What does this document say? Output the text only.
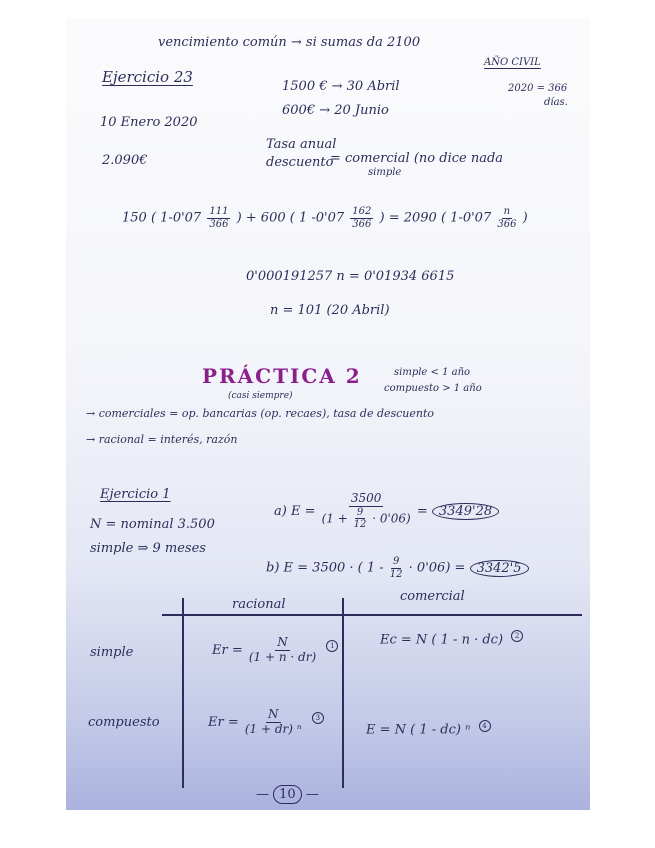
vencimiento común → si sumas da 2100
Ejercicio 23
1500 € → 30 Abril
600€ → 20 Junio
AÑO CIVIL
2020 = 366
días.
10 Enero 2020
Tasa anual
descuento
= comercial (no dice nada
simple
2.090€
150 ( $1-0'07 \frac{111}{366}$ ) + 600 ( 1 $-0'07 \frac{162}{366}$ ) = 2090 ( $1-0'07 \frac{n}{366}$ )
0'000191257 n = 0'01934 6615
n = 101 (20 Abril)
PRÁCTICA 2
(casi siempre)
simple < 1 año
compuesto > 1 año
→ comerciales = op. bancarias (op. recaes), tasa de descuento
→ racional = interés, razón
Ejercicio 1
N = nominal 3.500
simple ⇒ 9 meses
a) $E = \frac{3500}{(1 + \frac{9}{12} \cdot 0'06)} = 3349'28$
b) E = 3500 · ( $1 - \frac{9}{12} \cdot 0'06) = 3342'5$
racional
comercial
simple
compuesto
$Er = \frac{N}{(1 + n \cdot dr)} 1$	Ec = N ( 1 - n · dc) 2
$Er = \frac{N}{\text{(1 + dr) ⁿ}} 3$
E = N ( 1 - dc) ⁿ 4
— 10 —
